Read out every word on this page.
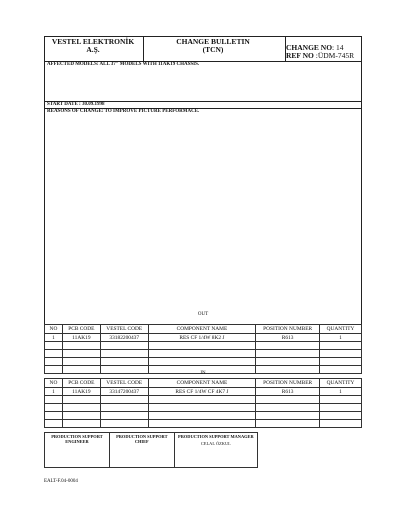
VESTEL ELEKTRONİK
A.Ş.
CHANGE BULLETIN
(TCN)	CHANGE NO: 14
REF NO :ÜDM-745R
AFFECTED MODELS: ALL 37" MODELS WITH 11AK19 CHASSIS.
START DATE : 30.09.1998
REASONS OF CHANGE: TO IMPROVE PICTURE PERFORMACE.
OUT
NO	PCB CODE	VESTEL CODE	COMPONENT NAME	POSITION NUMBER	QUANTITY
1	11AK19	33182200437	RES CF 1/4W 8K2 J	R613	1

IN
NO	PCB CODE	VESTEL CODE	COMPONENT NAME	POSITION NUMBER	QUANTITY
1	11AK19	33147200437	RES CF 1/4W CF 4K7 J	R613	1

PRODUCTION SUPPORT ENGINEER

PRODUCTION SUPPORT CHIEF

PRODUCTION SUPPORT MANAGER
CELAL ÖZKUL
EALT-F.04-0004
